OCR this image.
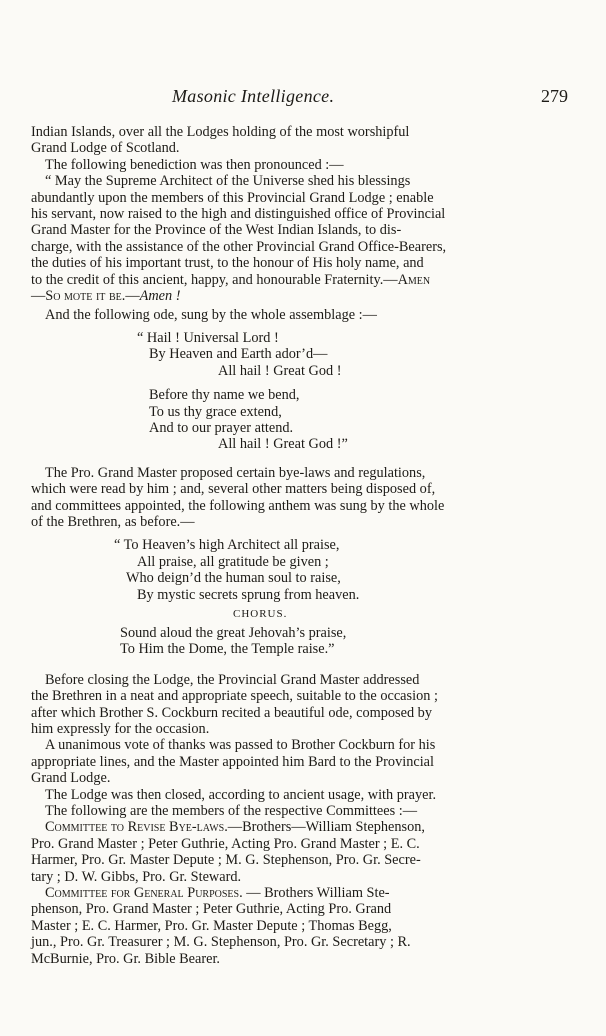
Masonic Intelligence.	279
Indian Islands, over all the Lodges holding of the most worshipful
Grand Lodge of Scotland.

The following benediction was then pronounced :—

“ May the Supreme Architect of the Universe shed his blessings
abundantly upon the members of this Provincial Grand Lodge ; enable
his servant, now raised to the high and distinguished office of Provincial
Grand Master for the Province of the West Indian Islands, to dis-
charge, with the assistance of the other Provincial Grand Office-Bearers,
the duties of his important trust, to the honour of His holy name, and
to the credit of this ancient, happy, and honourable Fraternity.—Amen
—So mote it be.—Amen !

And the following ode, sung by the whole assemblage :—

“ Hail ! Universal Lord !
By Heaven and Earth ador’d—
All hail ! Great God !
Before thy name we bend,
To us thy grace extend,
And to our prayer attend.
All hail ! Great God !”
The Pro. Grand Master proposed certain bye-laws and regulations,
which were read by him ; and, several other matters being disposed of,
and committees appointed, the following anthem was sung by the whole
of the Brethren, as before.—
“ To Heaven’s high Architect all praise,
All praise, all gratitude be given ;
Who deign’d the human soul to raise,
By mystic secrets sprung from heaven.
CHORUS.
Sound aloud the great Jehovah’s praise,
To Him the Dome, the Temple raise.”
Before closing the Lodge, the Provincial Grand Master addressed
the Brethren in a neat and appropriate speech, suitable to the occasion ;
after which Brother S. Cockburn recited a beautiful ode, composed by
him expressly for the occasion.
A unanimous vote of thanks was passed to Brother Cockburn for his
appropriate lines, and the Master appointed him Bard to the Provincial
Grand Lodge.

The Lodge was then closed, according to ancient usage, with prayer.

The following are the members of the respective Committees :—

Committee to Revise Bye-laws.—Brothers—William Stephenson,
Pro. Grand Master ; Peter Guthrie, Acting Pro. Grand Master ; E. C.
Harmer, Pro. Gr. Master Depute ; M. G. Stephenson, Pro. Gr. Secre-
tary ; D. W. Gibbs, Pro. Gr. Steward.
Committee for General Purposes. — Brothers William Ste-
phenson, Pro. Grand Master ; Peter Guthrie, Acting Pro. Grand
Master ; E. C. Harmer, Pro. Gr. Master Depute ; Thomas Begg,
jun., Pro. Gr. Treasurer ; M. G. Stephenson, Pro. Gr. Secretary ; R.
McBurnie, Pro. Gr. Bible Bearer.
